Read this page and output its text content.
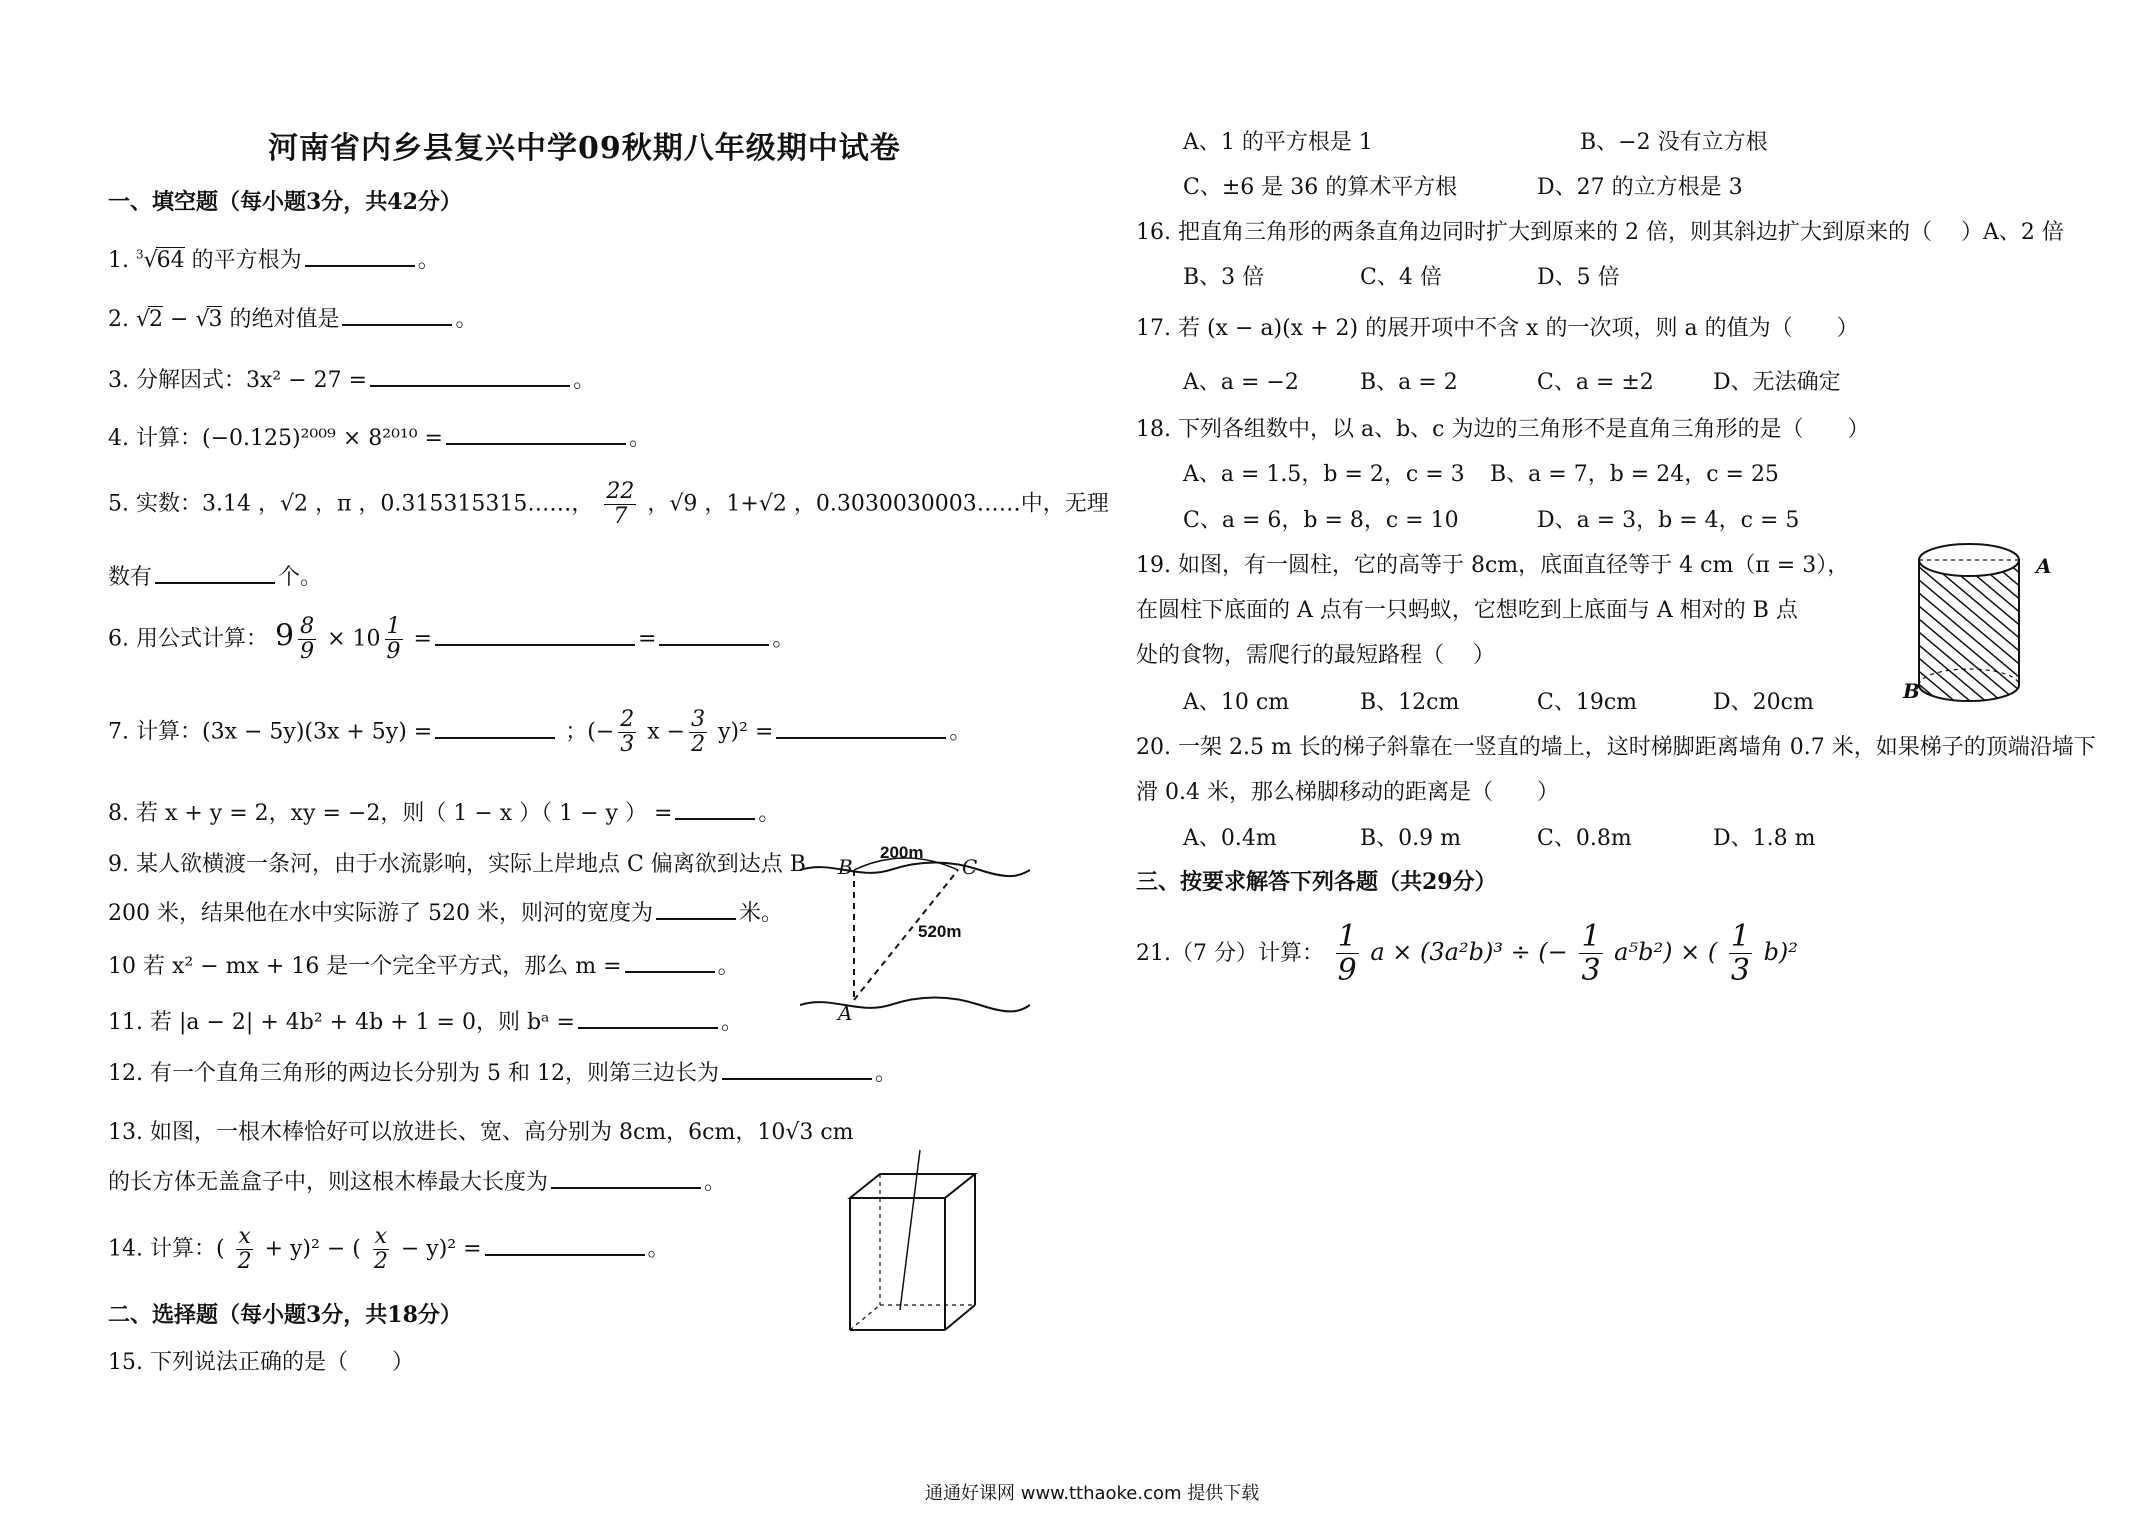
河南省内乡县复兴中学09秋期八年级期中试卷
一、填空题（每小题3分，共42分）
1. $^3$√64 的平方根为	。
2. √2 − √3 的绝对值是	。
3. 分解因式：3x² − 27 =	。
4. 计算：(−0.125)²⁰⁰⁹ × 8²⁰¹⁰ =	。
5. 实数：3.14 ，√2 ，π ，0.315315315……， $\frac{22}{7}$ ，√9 ，1+√2 ，0.3030030003……中，无理
数有	个。
6. 用公式计算： $9 \frac{8}{9} \times 10 \frac{1}{9}$ =	=	。
7. 计算：(3x − 5y)(3x + 5y) =	；(− $\frac{2}{3}$ $x - \frac{3}{2} y)^2$ =	。
8. 若 x + y = 2，xy = −2，则（ 1 − x ）（ 1 − y ） =	。
9. 某人欲横渡一条河，由于水流影响，实际上岸地点 C 偏离欲到达点 B
200 米，结果他在水中实际游了 520 米，则河的宽度为	米。
B	C
A
200m
520m
10 若 x² − mx + 16 是一个完全平方式，那么 m =	。
11. 若 |a − 2| + 4b² + 4b + 1 = 0，则 bᵃ =	。
12. 有一个直角三角形的两边长分别为 5 和 12，则第三边长为	。
13. 如图，一根木棒恰好可以放进长、宽、高分别为 8cm，6cm，10√3 cm
的长方体无盖盒子中，则这根木棒最大长度为	。
14. 计算：( $\frac{x}{2} + y)^2$ − ( $\frac{x}{2} - y)^2$ =	。
二、选择题（每小题3分，共18分）
15. 下列说法正确的是（　　）
A、1 的平方根是 1	B、−2 没有立方根
C、±6 是 36 的算术平方根	D、27 的立方根是 3
16. 把直角三角形的两条直角边同时扩大到原来的 2 倍，则其斜边扩大到原来的（　 ）A、2 倍
B、3 倍	C、4 倍	D、5 倍
17. 若 (x − a)(x + 2) 的展开项中不含 x 的一次项，则 a 的值为（　　）
A、a = −2	B、a = 2	C、a = ±2	D、无法确定
18. 下列各组数中，以 a、b、c 为边的三角形不是直角三角形的是（　　）
A、a = 1.5，b = 2，c = 3 B、a = 7，b = 24，c = 25
C、a = 6，b = 8，c = 10	D、a = 3，b = 4，c = 5
19. 如图，有一圆柱，它的高等于 8cm，底面直径等于 4 cm（π = 3），
在圆柱下底面的 A 点有一只蚂蚁，它想吃到上底面与 A 相对的 B 点
处的食物，需爬行的最短路程（　 ）
A、10 cm	B、12cm	C、19cm	D、20cm
A
B
20. 一架 2.5 m 长的梯子斜靠在一竖直的墙上，这时梯脚距离墙角 0.7 米，如果梯子的顶端沿墙下
滑 0.4 米，那么梯脚移动的距离是（　　）
A、0.4m	B、0.9 m	C、0.8m	D、1.8 m
三、按要求解答下列各题（共29分）
21.（7 分）计算： $\frac{1}{9}$ a × (3a²b)³ ÷ (− $\frac{1}{3} a^5b^2$) × ( $\frac{1}{3} b)^2$
通通好课网 www.tthaoke.com 提供下载
